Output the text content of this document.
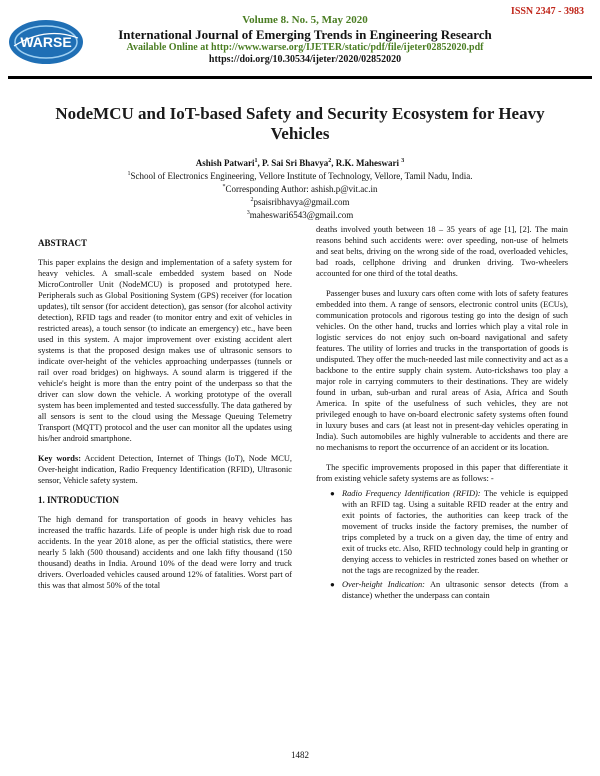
ISSN 2347 - 3983
WARSE
Volume 8. No. 5, May 2020
International Journal of Emerging Trends in Engineering Research
Available Online at http://www.warse.org/IJETER/static/pdf/file/ijeter02852020.pdf
https://doi.org/10.30534/ijeter/2020/02852020
NodeMCU and IoT-based Safety and Security Ecosystem for Heavy Vehicles
Ashish Patwari$^1$, P. Sai Sri Bhavya$^2$, R.K. Maheswari $^3$
$^1$School of Electronics Engineering, Vellore Institute of Technology, Vellore, Tamil Nadu, India.
*Corresponding Author: ashish.p@vit.ac.in
$^2$psaisribhavya@gmail.com
$^3$maheswari6543@gmail.com
ABSTRACT

This paper explains the design and implementation of a safety system for heavy vehicles. A small-scale embedded system based on Node MicroController Unit (NodeMCU) is proposed and prototyped here. Peripherals such as Global Positioning System (GPS) receiver (for location updates), tilt sensor (for accident detection), gas sensor (for alcohol activity detection), RFID tags and reader (to monitor entry and exit of vehicles in restricted areas), a touch sensor (to indicate an emergency) etc., have been used in this system. A major improvement over existing accident alert systems is that the proposed design makes use of ultrasonic sensors to indicate over-height of the vehicles approaching underpasses (tunnels or rail over road bridges) on highways. A sound alarm is triggered if the vehicle's height is more than the entry point of the underpass so that the driver can slow down the vehicle. A working prototype of the overall system has been implemented and tested successfully. The data gathered by all sensors is sent to the cloud using the Message Queuing Telemetry Transport (MQTT) protocol and the user can monitor all the updates using his/her android smartphone.

Key words: Accident Detection, Internet of Things (IoT), Node MCU, Over-height indication, Radio Frequency Identification (RFID), Ultrasonic sensor, Vehicle safety system.

1. INTRODUCTION

The high demand for transportation of goods in heavy vehicles has increased the traffic hazards. Life of people is under high risk due to road accidents. In the year 2018 alone, as per the official statistics, there were nearly 5 lakh (500 thousand) accidents and one lakh fifty thousand (150 thousand) deaths in India. Around 10% of the dead were lorry and truck drivers. Overloaded vehicles caused around 12% of fatalities. Worst part of this was that almost 50% of the total

deaths involved youth between 18 – 35 years of age [1], [2]. The main reasons behind such accidents were: over speeding, non-use of helmets and seat belts, driving on the wrong side of the road, overloaded vehicles, bad roads, cellphone driving and drunken driving. Two-wheelers accounted for one third of the total deaths.

Passenger buses and luxury cars often come with lots of safety features embedded into them. A range of sensors, electronic control units (ECUs), communication protocols and rigorous testing go into the design of such vehicles. On the other hand, trucks and lorries which play a vital role in logistic services do not enjoy such on-board navigational and safety features. The utility of lorries and trucks in the transportation of goods is undisputed. They offer the much-needed last mile connectivity and act as a backbone to the entire supply chain system. Auto-rickshaws too play a major role in carrying commuters to their destinations. They are widely found in urban, sub-urban and rural areas of Asia, Africa and South America. In spite of the usefulness of such vehicles, they are not privileged enough to have on-board electronic safety systems often found in luxury buses and cars (at least not in present-day vehicles operating in India). Such automobiles are highly vulnerable to accidents and there are no mechanisms to report the occurrence of an accident or its location.

The specific improvements proposed in this paper that differentiate it from existing vehicle safety systems are as follows: -

● Radio Frequency Identification (RFID): The vehicle is equipped with an RFID tag. Using a suitable RFID reader at the entry and exit points of factories, the authorities can keep track of the movement of trucks inside the factory premises, the number of trips completed by a truck on a given day, the time of entry and exit of trucks etc. Also, RFID technology could help in granting or denying access to vehicles in restricted zones based on whether or not the tags are recognized by the reader.
● Over-height Indication: An ultrasonic sensor detects (from a distance) whether the underpass can contain
1482
